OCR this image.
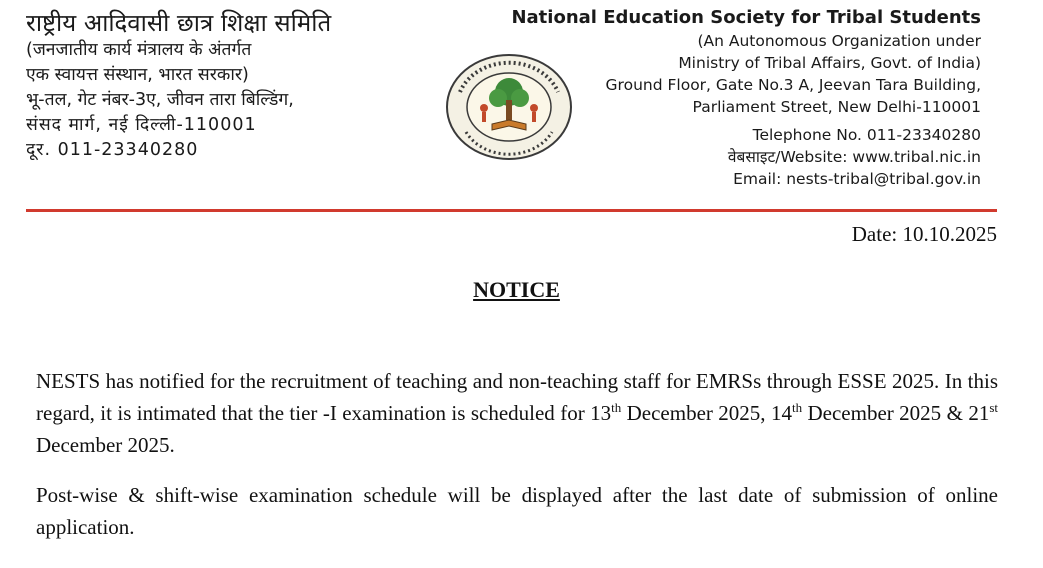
राष्ट्रीय आदिवासी छात्र शिक्षा समिति
(जनजातीय कार्य मंत्रालय के अंतर्गत
एक स्वायत्त संस्थान, भारत सरकार)
भू-तल, गेट नंबर-3ए, जीवन तारा बिल्डिंग,
संसद मार्ग, नई दिल्ली-110001
दूर. 011-23340280
National Education Society for Tribal Students
(An Autonomous Organization under
Ministry of Tribal Affairs, Govt. of India)
Ground Floor, Gate No.3 A, Jeevan Tara Building,
Parliament Street, New Delhi-110001
Telephone No. 011-23340280
वेबसाइट/Website: www.tribal.nic.in
Email: nests-tribal@tribal.gov.in
Date: 10.10.2025
NOTICE
NESTS has notified for the recruitment of teaching and non-teaching staff for EMRSs through ESSE 2025. In this regard, it is intimated that the tier -I examination is scheduled for 13th December 2025, 14th December 2025 & 21st December 2025.
Post-wise & shift-wise examination schedule will be displayed after the last date of submission of online application.
